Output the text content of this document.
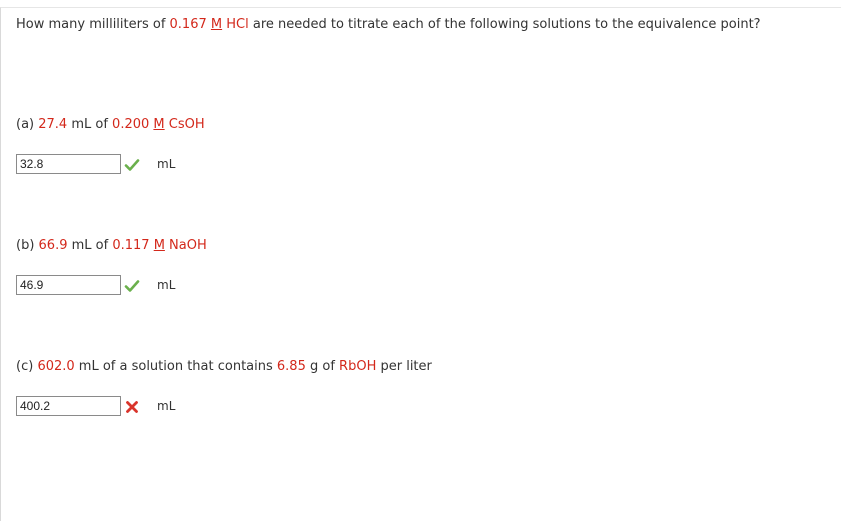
How many milliliters of 0.167 M HCl are needed to titrate each of the following solutions to the equivalence point?
(a) 27.4 mL of 0.200 M CsOH
32.8
mL
(b) 66.9 mL of 0.117 M NaOH
46.9
mL
(c) 602.0 mL of a solution that contains 6.85 g of RbOH per liter
400.2
mL
